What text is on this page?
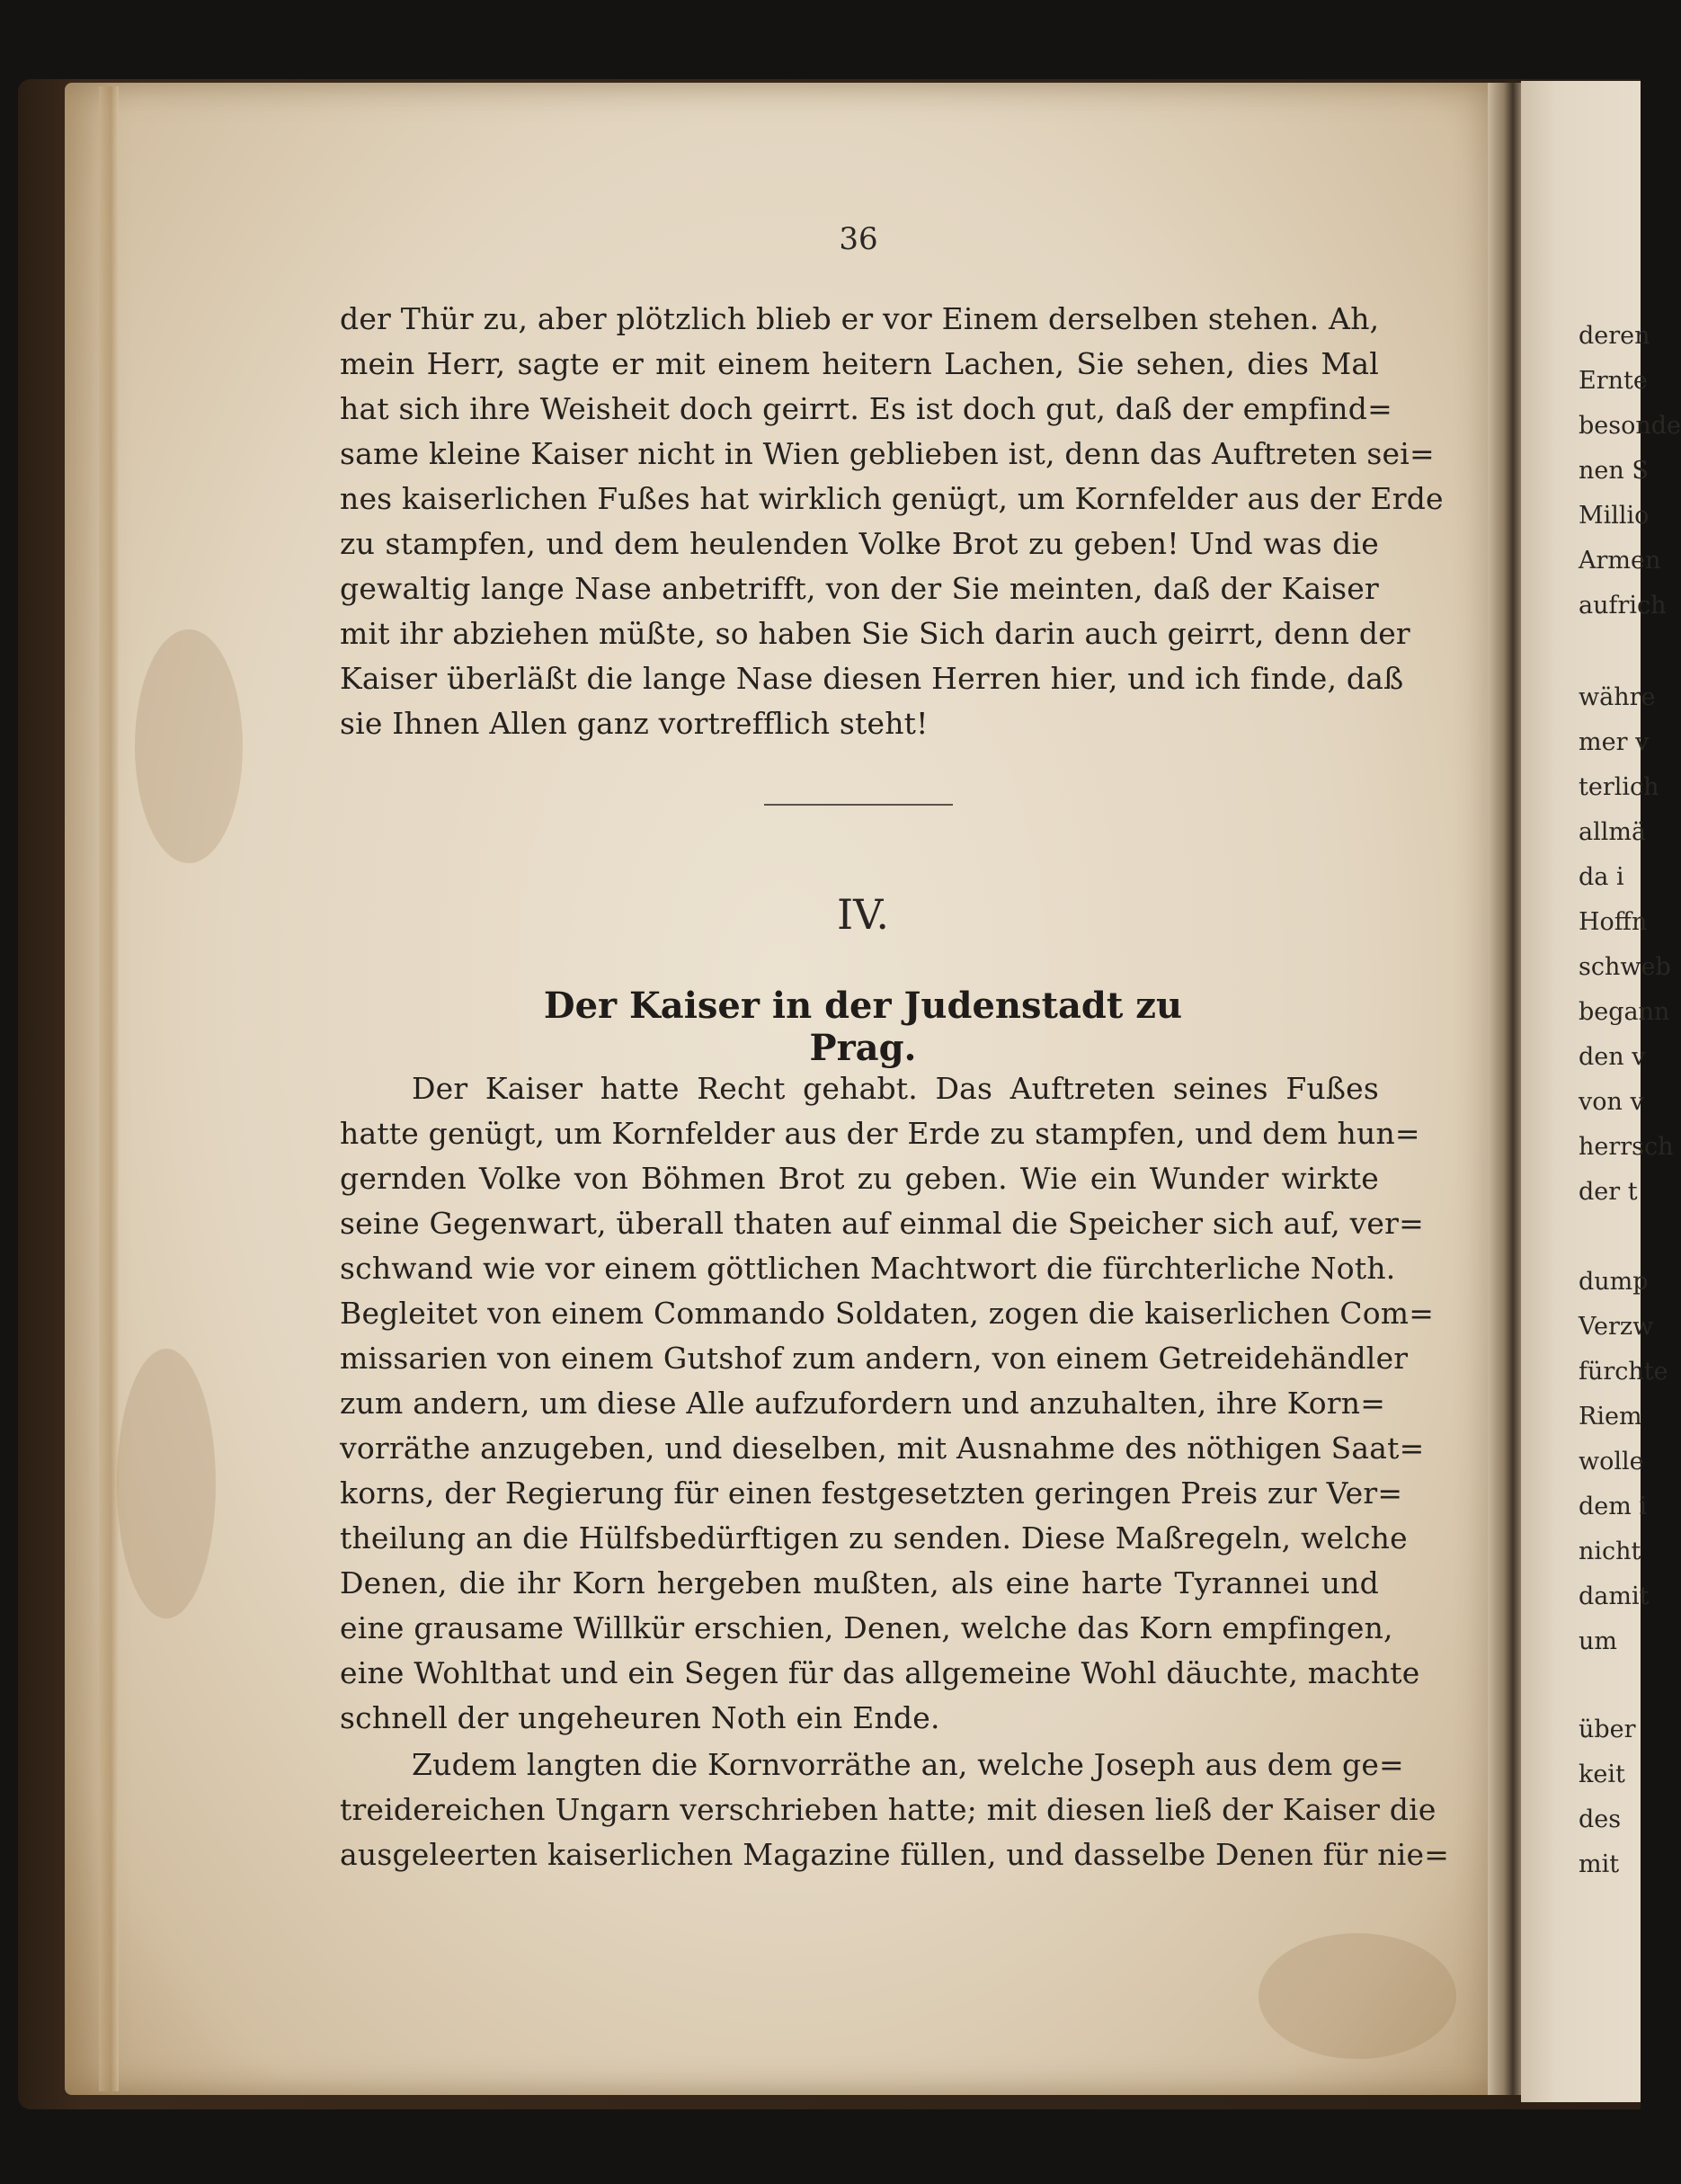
36
der Thür zu, aber plötzlich blieb er vor Einem derselben stehen. Ah,
mein Herr, sagte er mit einem heitern Lachen, Sie sehen, dies Mal
hat sich ihre Weisheit doch geirrt. Es ist doch gut, daß der empfind=
same kleine Kaiser nicht in Wien geblieben ist, denn das Auftreten sei=
nes kaiserlichen Fußes hat wirklich genügt, um Kornfelder aus der Erde
zu stampfen, und dem heulenden Volke Brot zu geben! Und was die
gewaltig lange Nase anbetrifft, von der Sie meinten, daß der Kaiser
mit ihr abziehen müßte, so haben Sie Sich darin auch geirrt, denn der
Kaiser überläßt die lange Nase diesen Herren hier, und ich finde, daß
sie Ihnen Allen ganz vortrefflich steht!
IV.
Der Kaiser in der Judenstadt zu Prag.
Der Kaiser hatte Recht gehabt. Das Auftreten seines Fußes
hatte genügt, um Kornfelder aus der Erde zu stampfen, und dem hun=
gernden Volke von Böhmen Brot zu geben. Wie ein Wunder wirkte
seine Gegenwart, überall thaten auf einmal die Speicher sich auf, ver=
schwand wie vor einem göttlichen Machtwort die fürchterliche Noth.
Begleitet von einem Commando Soldaten, zogen die kaiserlichen Com=
missarien von einem Gutshof zum andern, von einem Getreidehändler
zum andern, um diese Alle aufzufordern und anzuhalten, ihre Korn=
vorräthe anzugeben, und dieselben, mit Ausnahme des nöthigen Saat=
korns, der Regierung für einen festgesetzten geringen Preis zur Ver=
theilung an die Hülfsbedürftigen zu senden. Diese Maßregeln, welche
Denen, die ihr Korn hergeben mußten, als eine harte Tyrannei und
eine grausame Willkür erschien, Denen, welche das Korn empfingen,
eine Wohlthat und ein Segen für das allgemeine Wohl däuchte, machte
schnell der ungeheuren Noth ein Ende.
Zudem langten die Kornvorräthe an, welche Joseph aus dem ge=
treidereichen Ungarn verschrieben hatte; mit diesen ließ der Kaiser die
ausgeleerten kaiserlichen Magazine füllen, und dasselbe Denen für nie=
deren
Ernte
besonde
nen S
Millio
Armen
aufrich
währe
mer v
terlich
allmä
da i
Hoffn
schweb
begann
den v
von v
herrsch
der t
dump
Verzw
fürchte
Riem
wolle
dem i
nicht
damit
um
über
keit
des
mit
